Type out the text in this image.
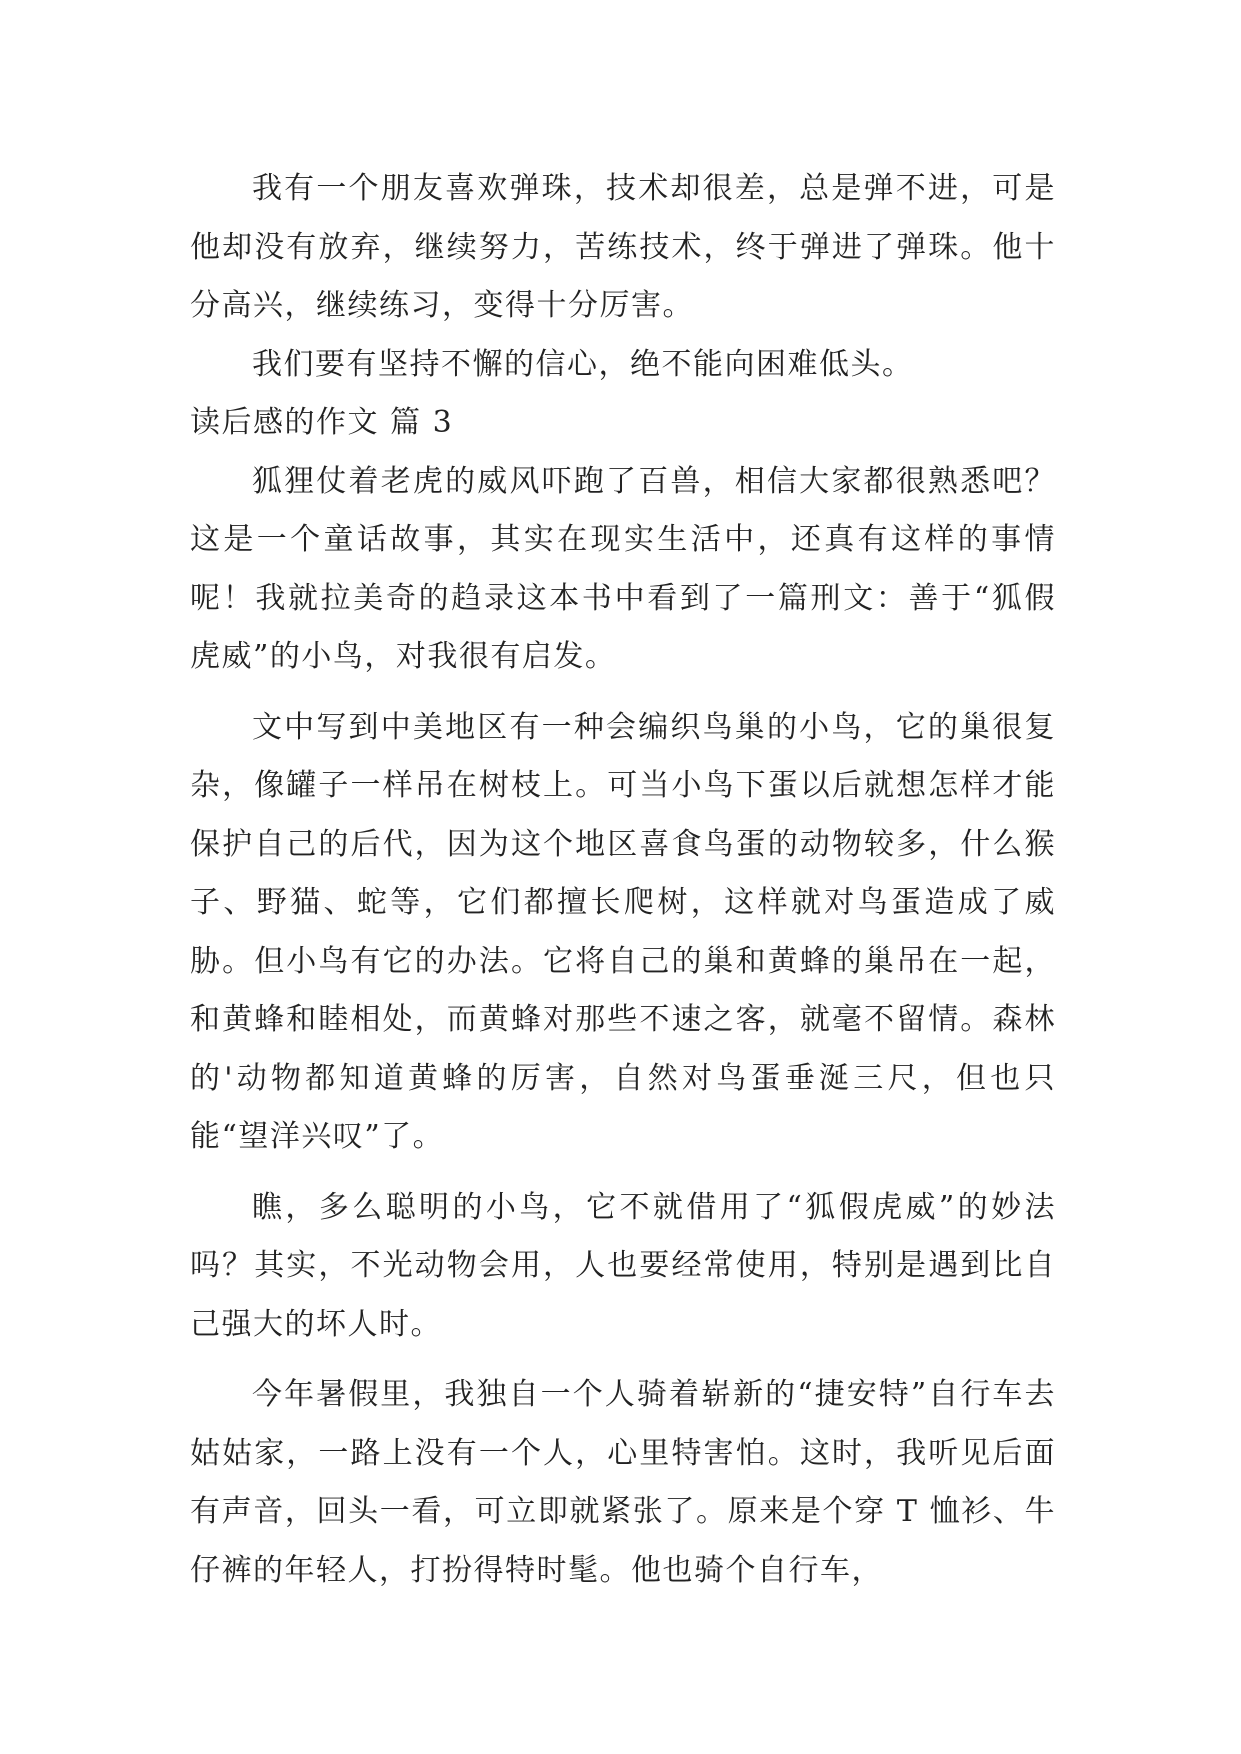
我有一个朋友喜欢弹珠，技术却很差，总是弹不进，可是他却没有放弃，继续努力，苦练技术，终于弹进了弹珠。他十分高兴，继续练习，变得十分厉害。

我们要有坚持不懈的信心，绝不能向困难低头。

读后感的作文 篇 3

狐狸仗着老虎的威风吓跑了百兽，相信大家都很熟悉吧？这是一个童话故事，其实在现实生活中，还真有这样的事情呢！我就拉美奇的趋录这本书中看到了一篇刑文：善于“狐假虎威”的小鸟，对我很有启发。

文中写到中美地区有一种会编织鸟巢的小鸟，它的巢很复杂，像罐子一样吊在树枝上。可当小鸟下蛋以后就想怎样才能保护自己的后代，因为这个地区喜食鸟蛋的动物较多，什么猴子、野猫、蛇等，它们都擅长爬树，这样就对鸟蛋造成了威胁。但小鸟有它的办法。它将自己的巢和黄蜂的巢吊在一起，和黄蜂和睦相处，而黄蜂对那些不速之客，就毫不留情。森林的'动物都知道黄蜂的厉害，自然对鸟蛋垂涎三尺，但也只能“望洋兴叹”了。

瞧，多么聪明的小鸟，它不就借用了“狐假虎威”的妙法吗？其实，不光动物会用，人也要经常使用，特别是遇到比自己强大的坏人时。

今年暑假里，我独自一个人骑着崭新的“捷安特”自行车去姑姑家，一路上没有一个人，心里特害怕。这时，我听见后面有声音，回头一看，可立即就紧张了。原来是个穿 T 恤衫、牛仔裤的年轻人，打扮得特时髦。他也骑个自行车，
